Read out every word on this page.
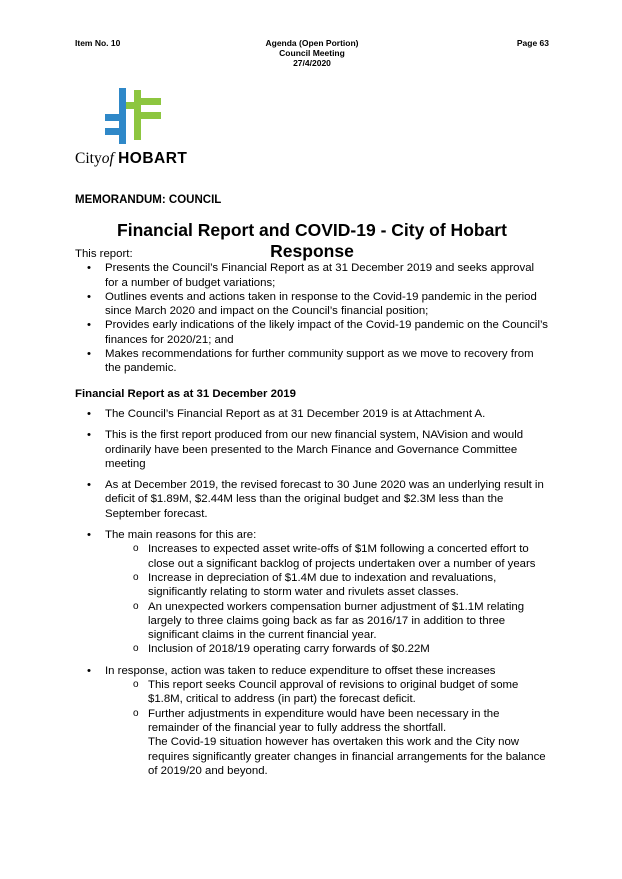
Item No. 10	Agenda (Open Portion)
Council Meeting
27/4/2020
Page 63
Cityof HOBART
MEMORANDUM: COUNCIL
Financial Report and COVID-19 - City of Hobart Response

This report:

• Presents the Council’s Financial Report as at 31 December 2019 and seeks approval for a number of budget variations;
• Outlines events and actions taken in response to the Covid-19 pandemic in the period since March 2020 and impact on the Council’s financial position;
• Provides early indications of the likely impact of the Covid-19 pandemic on the Council’s finances for 2020/21; and
• Makes recommendations for further community support as we move to recovery from the pandemic.
Financial Report as at 31 December 2019
• The Council’s Financial Report as at 31 December 2019 is at Attachment A.
• This is the first report produced from our new financial system, NAVision and would ordinarily have been presented to the March Finance and Governance Committee meeting
• As at December 2019, the revised forecast to 30 June 2020 was an underlying result in deficit of $1.89M, $2.44M less than the original budget and $2.3M less than the September forecast.
• The main reasons for this are:
o Increases to expected asset write-offs of $1M following a concerted effort to close out a significant backlog of projects undertaken over a number of years
o Increase in depreciation of $1.4M due to indexation and revaluations, significantly relating to storm water and rivulets asset classes.
o An unexpected workers compensation burner adjustment of $1.1M relating largely to three claims going back as far as 2016/17 in addition to three significant claims in the current financial year.
o Inclusion of 2018/19 operating carry forwards of $0.22M
• In response, action was taken to reduce expenditure to offset these increases
o This report seeks Council approval of revisions to original budget of some $1.8M, critical to address (in part) the forecast deficit.
o Further adjustments in expenditure would have been necessary in the remainder of the financial year to fully address the shortfall.
The Covid-19 situation however has overtaken this work and the City now requires significantly greater changes in financial arrangements for the balance of 2019/20 and beyond.
